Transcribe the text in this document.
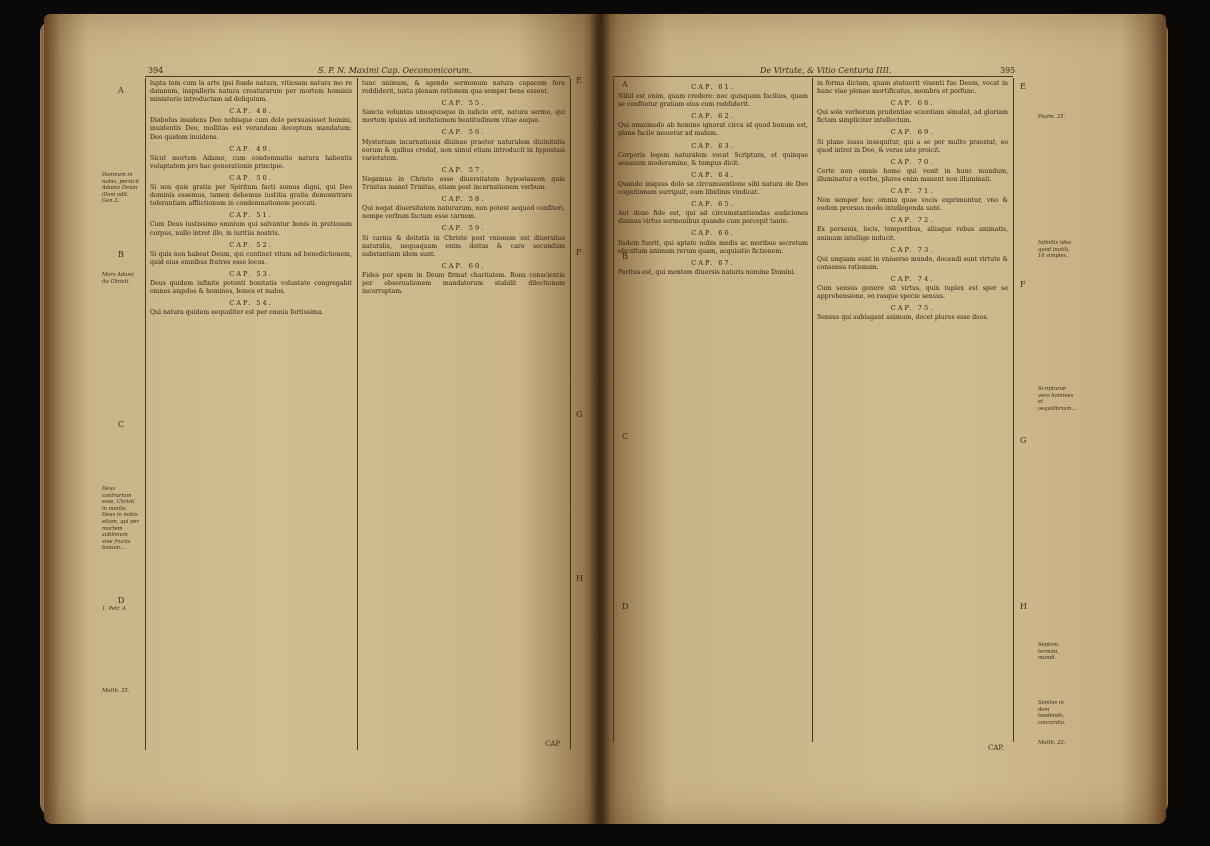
394	S. P. N. Maximi Cap. Oeconomicorum,

lupta tem cum la arte ipsi fonde natura, vitiosam natura mo re damnum, inspulleris natura creaturarum per mortem hominis ministerio introductam ad deliquium.

CAP. 48.

Diabolus inuidens Deo nobisque cum dolo persuasisset homini, inuidentis Deo, mollitas est verandam deceptum mandatum: Deo quidem inuidens.

CAP. 49.

Sicut mortem Adamo, cum condemnatio natura habentis voluptatem pro hac generationis principio.

CAP. 50.

Si nos quis gratia per Spiritum facti sumus digni, qui Deo dominis essemus, tamen debemus iustitia gratia demonstrare tolerantiam afflictionum in condemnationem peccati.

CAP. 51.

Cum Deus iustissimo omnium qui salvantur bonis in pretiosum corpus, nullo intret illo, in iuritiis nostris.

CAP. 52.

Si quis non habeat Deum, qui continet vitam ad benedictionem, quid eius omnibus fratres esse locus.

CAP. 53.

Deus quidem infinite potenti bonitatis voluntate congregabit omnes angelos & homines, bonos et malos.

CAP. 54.

Qui natura quidem aequaliter est per omnia fortissima.

tunc animum, & agendo sermonum natura capacem fere reddiderit, iuxta plenam rationem qua semper bene essent.

CAP. 55.

Sancta voluntas unusquisque in iudicio erit, natura sermo, qui mortem ipsius ad imitationem beatitudinem vitae aequo.

CAP. 56.

Mysterium incarnationis diuinae praeter naturalem diuinitatis eorum & quibus credat, non simul etiam introducit in hypostasi varietatem.

CAP. 57.

Negamus in Christo esse diuersitatem hypostaseon quia Trinitas manet Trinitas, etiam post incarnationem verbum.

CAP. 58.

Qui negat diuersitatem naturarum, non potest aequod confiteri, nempe verbum factum esse carnem.

CAP. 59.

Si carnis & deitatis in Christo post vnionem est diuersitas naturalis, nequaquam enim deitas & caro secundum substantiam idem sunt.

CAP. 60.

Fides per spem in Deum firmat charitatem. Bona conscientia per obseruationem mandatorum stabilit dilectionem incorruptam.

A
B
C
D
E
F
G
H
Damnum in nobis, persicit Adamo Deum illum odit. Gen.3.
Mors Adami ita Christi.
Deus contrarium esse, Christi in mortis. Deus in nobis etiam, qui per mortem sublimum sine fructu bonum...
1. Petr. 4.
Matth. 25.
CAP.
De Virtute, & Vitio Centuria IIII.	395

CAP. 61.

Nihil est enim, quam credere: nec quisquam facilius, quam se confitetur gratiam eius cum reddiderit.

CAP. 62.

Qui omnimodo ab homine ignorat circa id quod bonum est, plane facile mouetur ad malum.

CAP. 63.

Corporis legem naturalem vocat Scriptura, et quinque sensuum moderamine, & tempus dicit.

CAP. 64.

Quando iniquus dolo sa circumuentione sibi natura de Deo cognitionem surripuit, eam libidinis vindicat.

CAP. 65.

Aut deno fide est, qui ad circumstantiendas audiciones diuinus virtus sermonibus quando cum percepit tanto.

CAP. 66.

Iisdem fuerit, qui aptate nobis modis ac moribus secretum obcultum animum rerum quam, acquisitio fictionem.

CAP. 67.

Peritus est, qui mentem diuersis naturis nomine Domini.

in forma dictam, quam statuerit viuenti fuo Deum, vocat in hunc viae plenae mortificatus, membra et perfunc.

CAP. 68.

Qui sola verborum prudentiae scientiam simulat, ad gloriam fictam simpliciter intellectum.

CAP. 69.

Si plane iussu insequitur, qui a se per multo praestat, eo quod intret in Deo, & veras iste proicit.

CAP. 70.

Certe non omnis homo qui venit in hunc mundum, illuminatur a verbo, plures enim manent non illuminati.

CAP. 71.

Non semper hoc omnia quae vocis exprimuntur, vno & eodem prorsus modo intellegenda sunt.

CAP. 72.

Ex personis, locis, temporibus, aliisque rebus animatis, animam intellige inducit.

CAP. 73.

Qui unquam sunt in vniuerso mundo, docendi sunt virtute & consensu rationum.

CAP. 74.

Cum sensus genere sit virtus, quin tuplex est sper se apprehensione, eo rasque specie sensus.

CAP. 75.

Sensus qui subiugant animum, docet plures esse deos.

E
F
G
H
A
B
C
D
Psalm. 25.
Infinitis idea quod inutili, 10 simplex.
Scripturae vero homines et aequilibrium...
Septem. termini, mundi.
Similes in dem tendendo, concordia.
Matth. 22.
CAP.
